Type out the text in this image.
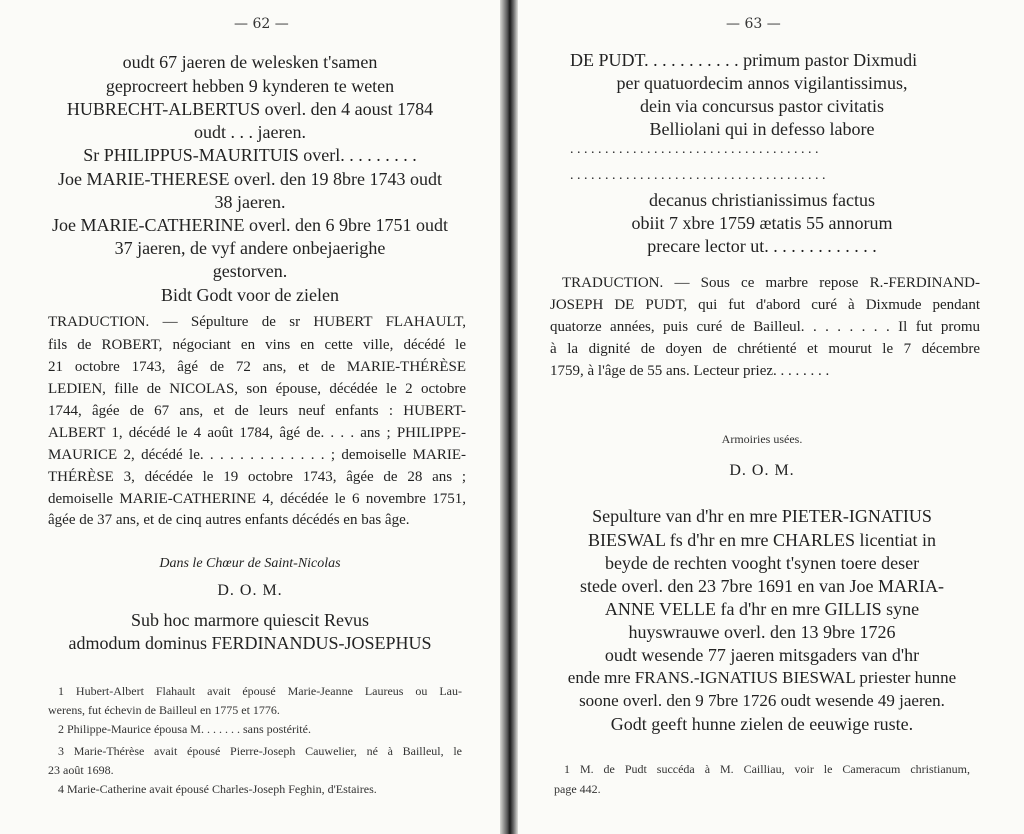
— 62 —
oudt 67 jaeren de welesken t'samen
geprocreert hebben 9 kynderen te weten
HUBRECHT-ALBERTUS overl. den 4 aoust 1784
oudt . . . jaeren.
Sr PHILIPPUS-MAURITUIS overl. . . . . . . . .
Joe MARIE-THERESE overl. den 19 8bre 1743 oudt
38 jaeren.
Joe MARIE-CATHERINE overl. den 6 9bre 1751 oudt
37 jaeren, de vyf andere onbejaerighe
gestorven.
Bidt Godt voor de zielen
TRADUCTION. — Sépulture de sr HUBERT FLAHAULT,
fils de ROBERT, négociant en vins en cette ville, décédé le
21 octobre 1743, âgé de 72 ans, et de MARIE-THÉRÈSE
LEDIEN, fille de NICOLAS, son épouse, décédée le 2 octobre
1744, âgée de 67 ans, et de leurs neuf enfants : HUBERT-
ALBERT 1, décédé le 4 août 1784, âgé de. . . . ans ; PHILIPPE-
MAURICE 2, décédé le. . . . . . . . . . . . . ; demoiselle MARIE-
THÉRÈSE 3, décédée le 19 octobre 1743, âgée de 28 ans ;
demoiselle MARIE-CATHERINE 4, décédée le 6 novembre 1751,
âgée de 37 ans, et de cinq autres enfants décédés en bas âge.
Dans le Chœur de Saint-Nicolas
D. O. M.
Sub hoc marmore quiescit Revus
admodum dominus FERDINANDUS-JOSEPHUS
1 Hubert-Albert Flahault avait épousé Marie-Jeanne Laureus ou Lau-
werens, fut échevin de Bailleul en 1775 et 1776.
2 Philippe-Maurice épousa M. . . . . . . sans postérité.
3 Marie-Thérèse avait épousé Pierre-Joseph Cauwelier, né à Bailleul, le
23 août 1698.
4 Marie-Catherine avait épousé Charles-Joseph Feghin, d'Estaires.
— 63 —
DE PUDT. . . . . . . . . . . primum pastor Dixmudi
per quatuordecim annos vigilantissimus,
dein via concursus pastor civitatis
Belliolani qui in defesso labore
. . . . . . . . . . . . . . . . . . . . . . . . . . . . . . . . . . . .
. . . . . . . . . . . . . . . . . . . . . . . . . . . . . . . . . . . . .
decanus christianissimus factus
obiit 7 xbre 1759 ætatis 55 annorum
precare lector ut. . . . . . . . . . . . .
TRADUCTION. — Sous ce marbre repose R.-FERDINAND-
JOSEPH DE PUDT, qui fut d'abord curé à Dixmude pendant
quatorze années, puis curé de Bailleul. . . . . . . . Il fut promu
à la dignité de doyen de chrétienté et mourut le 7 décembre
1759, à l'âge de 55 ans. Lecteur priez. . . . . . . .
Armoiries usées.
D. O. M.
Sepulture van d'hr en mre PIETER-IGNATIUS
BIESWAL fs d'hr en mre CHARLES licentiat in
beyde de rechten vooght t'synen toere deser
stede overl. den 23 7bre 1691 en van Joe MARIA-
ANNE VELLE fa d'hr en mre GILLIS syne
huyswrauwe overl. den 13 9bre 1726
oudt wesende 77 jaeren mitsgaders van d'hr
ende mre FRANS.-IGNATIUS BIESWAL priester hunne
soone overl. den 9 7bre 1726 oudt wesende 49 jaeren.
Godt geeft hunne zielen de eeuwige ruste.
1 M. de Pudt succéda à M. Cailliau, voir le Cameracum christianum,
page 442.
